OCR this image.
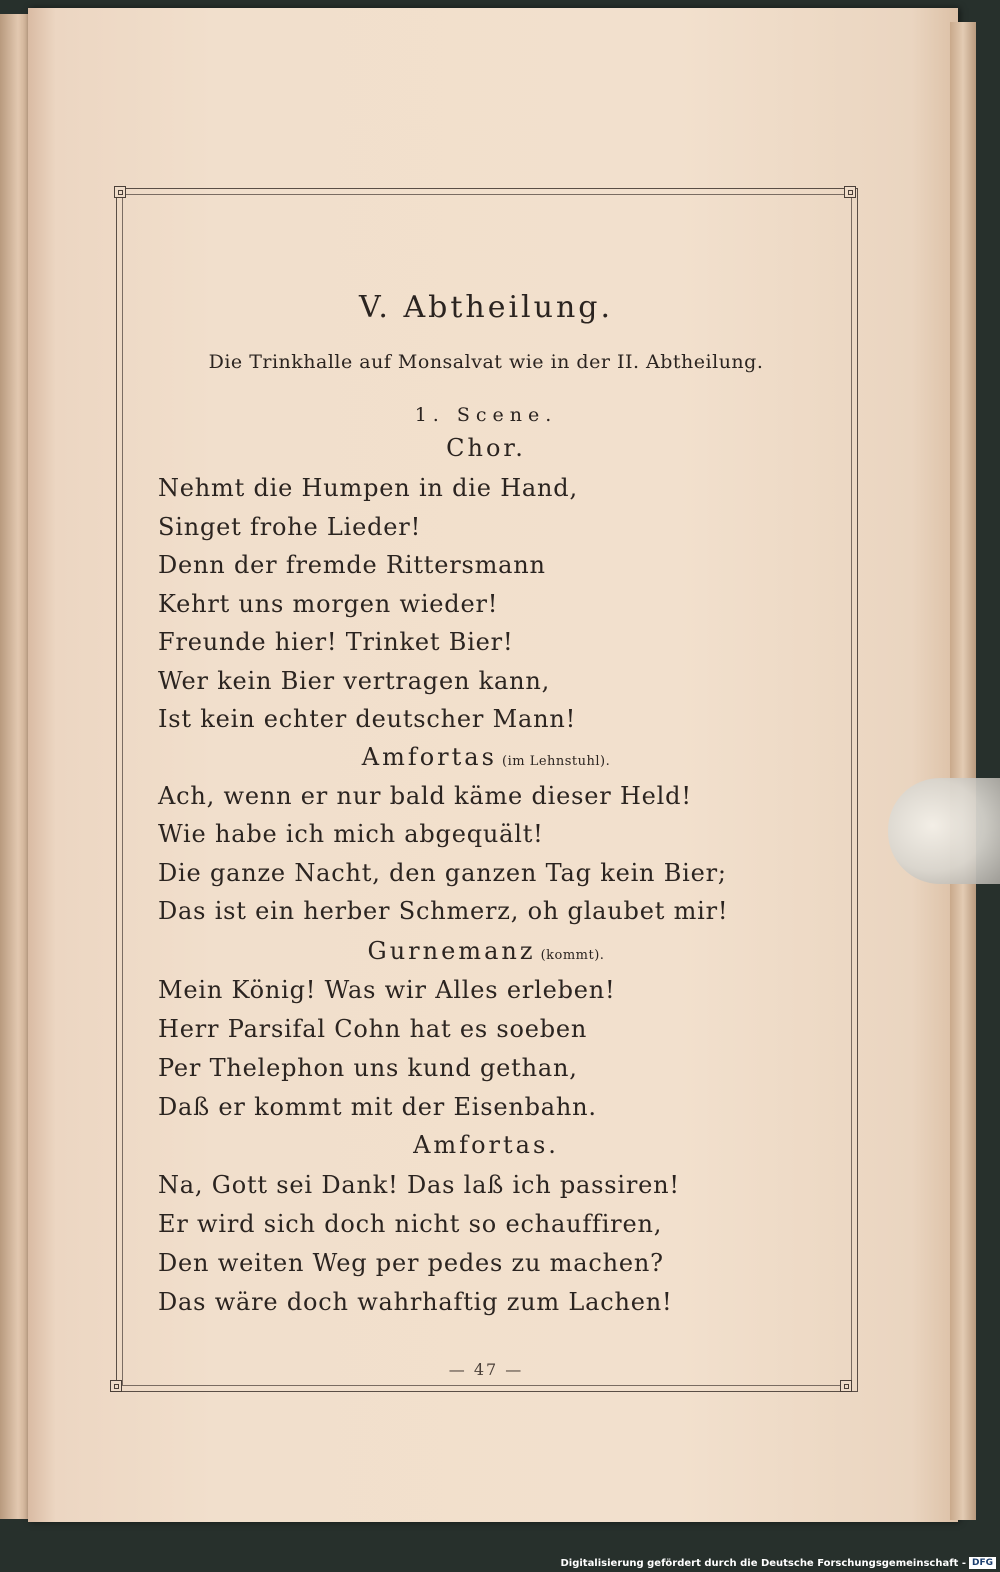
V. Abtheilung.
Die Trinkhalle auf Monsalvat wie in der II. Abtheilung.
1. Scene.
Chor.
Nehmt die Humpen in die Hand,
Singet frohe Lieder!
Denn der fremde Rittersmann
Kehrt uns morgen wieder!
Freunde hier! Trinket Bier!
Wer kein Bier vertragen kann,
Ist kein echter deutscher Mann!
Amfortas (im Lehnstuhl).
Ach, wenn er nur bald käme dieser Held!
Wie habe ich mich abgequält!
Die ganze Nacht, den ganzen Tag kein Bier;
Das ist ein herber Schmerz, oh glaubet mir!
Gurnemanz (kommt).
Mein König! Was wir Alles erleben!
Herr Parsifal Cohn hat es soeben
Per Thelephon uns kund gethan,
Daß er kommt mit der Eisenbahn.
Amfortas.
Na, Gott sei Dank! Das laß ich passiren!
Er wird sich doch nicht so echauffiren,
Den weiten Weg per pedes zu machen?
Das wäre doch wahrhaftig zum Lachen!
— 47 —
Digitalisierung gefördert durch die Deutsche Forschungsgemeinschaft - DFG
